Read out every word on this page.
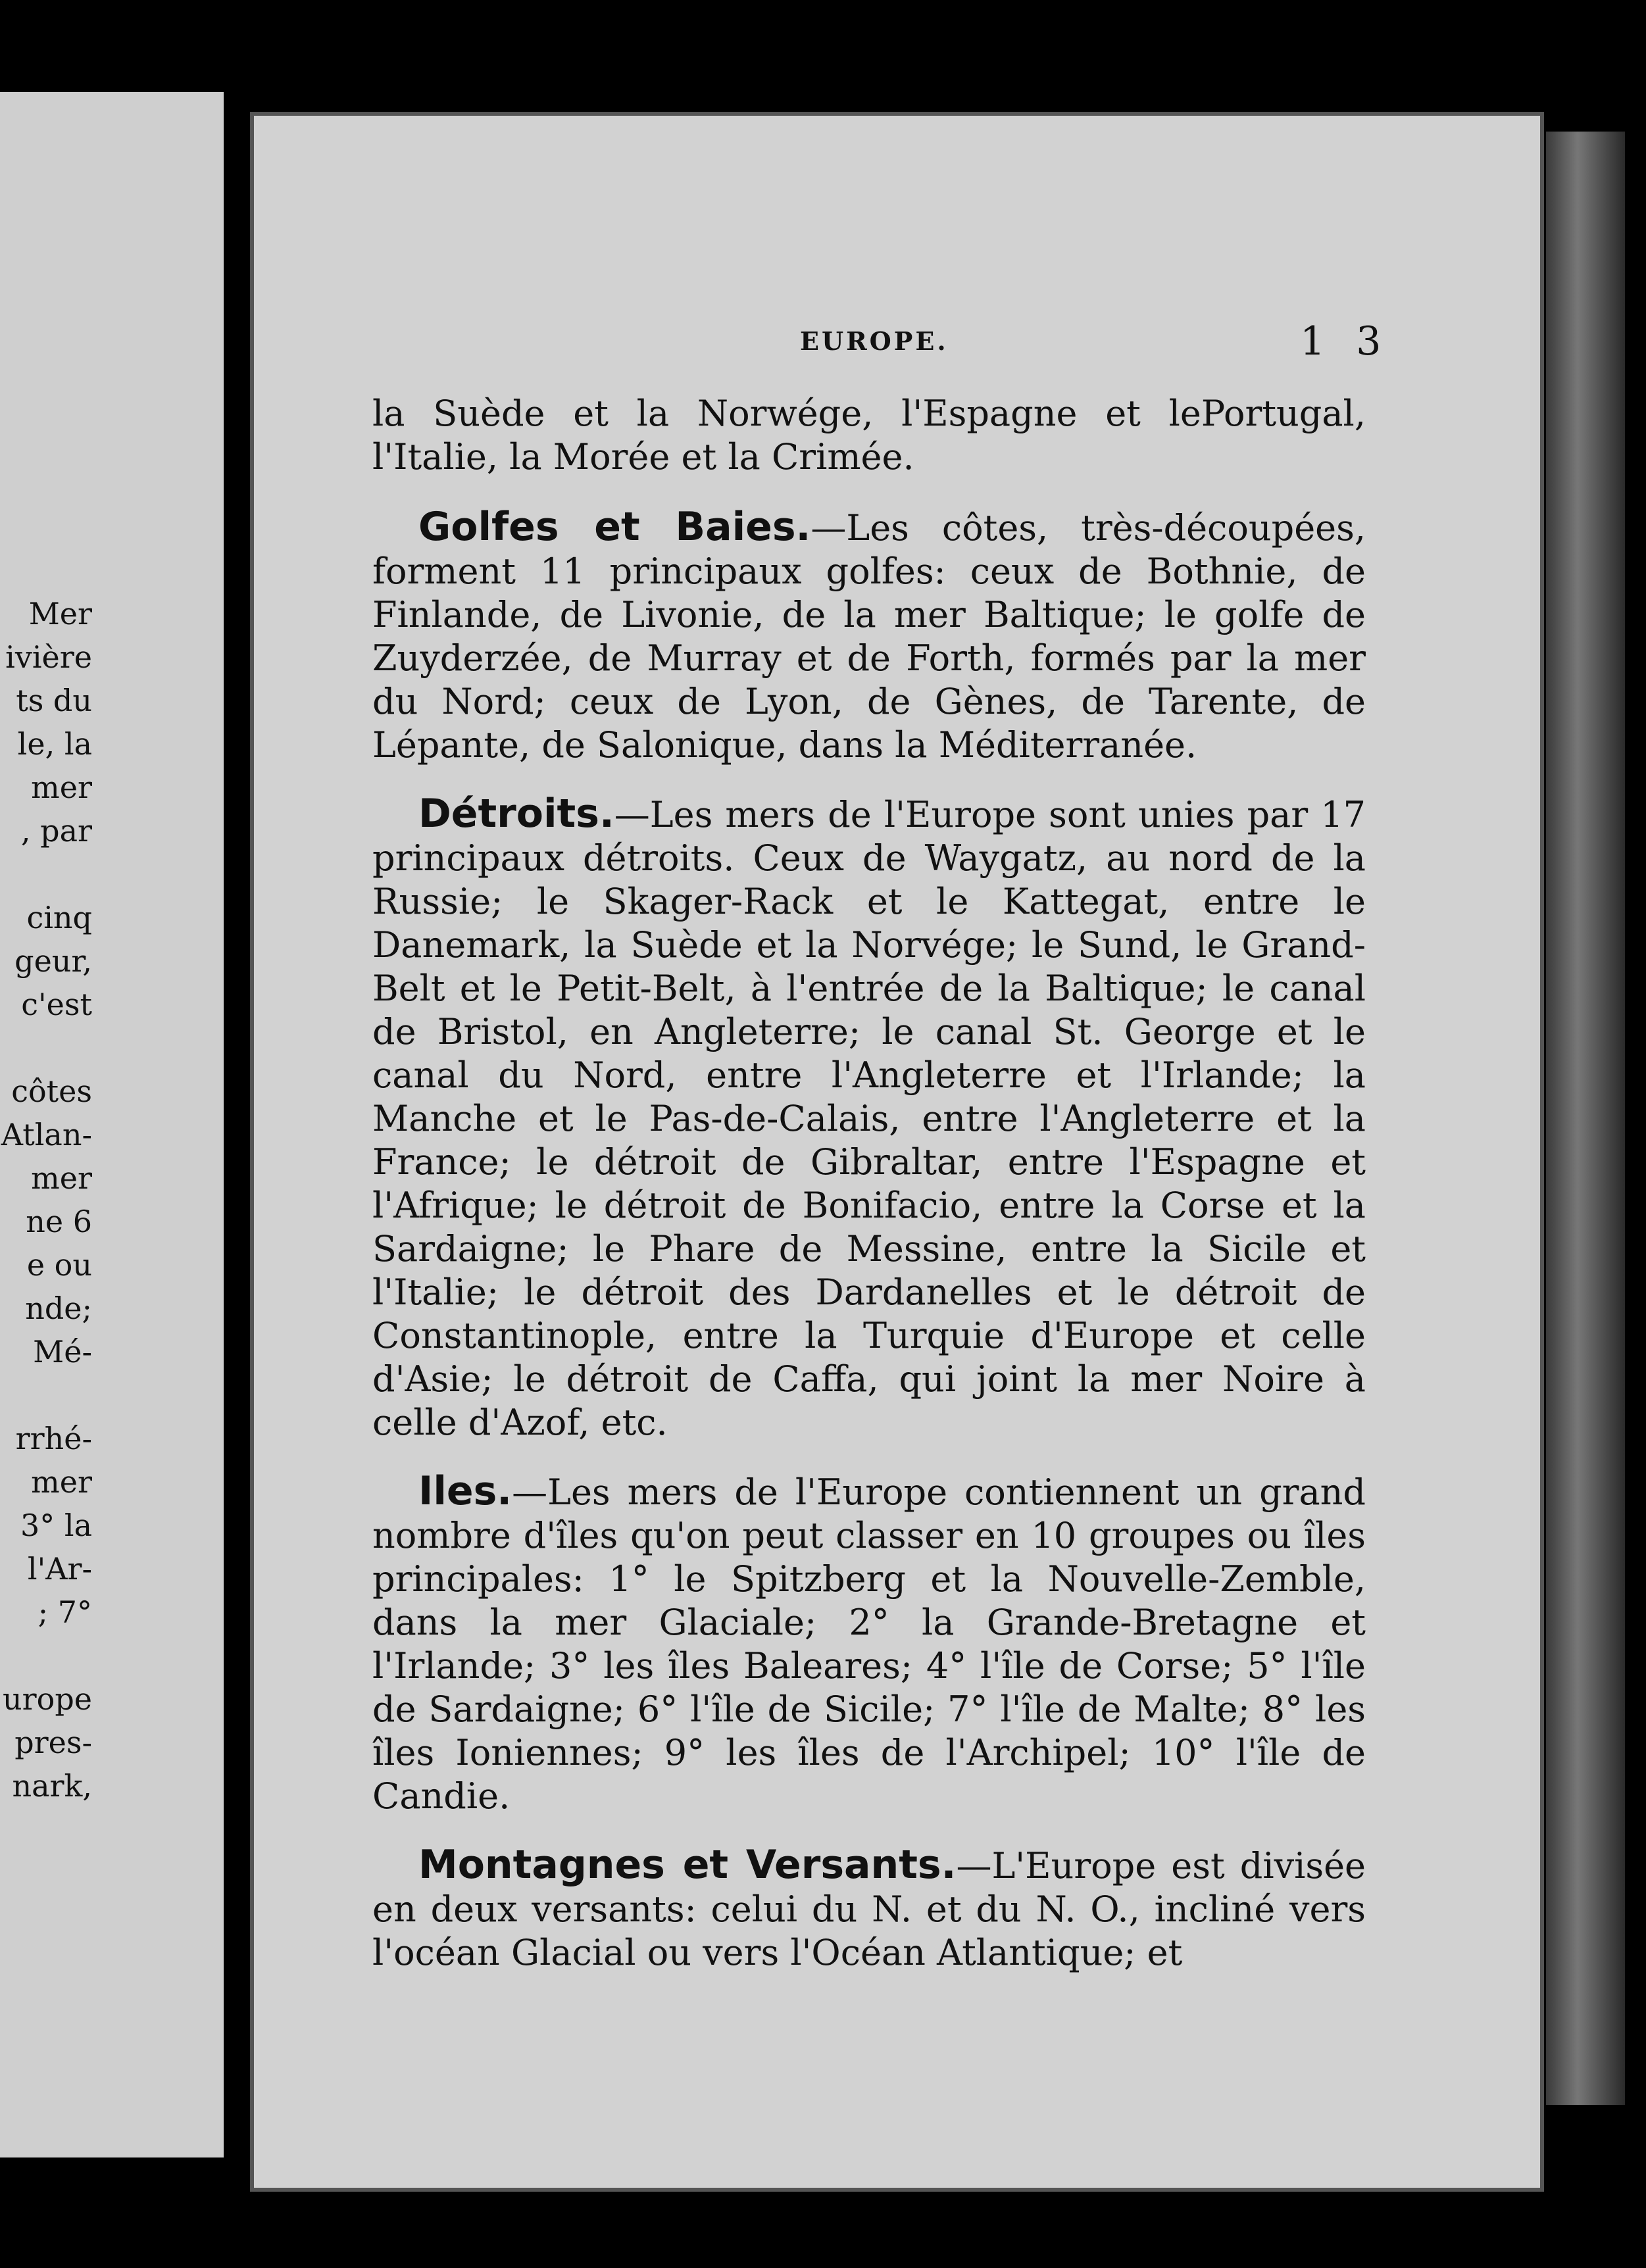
Mer
ivière
ts du
le, la
mer
, par
cinq
geur,
c'est
côtes
Atlan-
mer
ne 6
e ou
nde;
Mé-
rrhé-
mer
3° la
l'Ar-
; 7°
urope
pres-
nark,
EUROPE.	1 3

la Suède et la Norwége, l'Espagne et lePortugal, l'Italie, la Morée et la Crimée.

Golfes et Baies.—Les côtes, très-découpées, forment 11 principaux golfes: ceux de Bothnie, de Finlande, de Livonie, de la mer Baltique; le golfe de Zuyderzée, de Murray et de Forth, formés par la mer du Nord; ceux de Lyon, de Gènes, de Tarente, de Lépante, de Salonique, dans la Méditerranée.

Détroits.—Les mers de l'Europe sont unies par 17 principaux détroits. Ceux de Waygatz, au nord de la Russie; le Skager-Rack et le Kattegat, entre le Danemark, la Suède et la Norvége; le Sund, le Grand-Belt et le Petit-Belt, à l'entrée de la Baltique; le canal de Bristol, en Angleterre; le canal St. George et le canal du Nord, entre l'Angleterre et l'Irlande; la Manche et le Pas-de-Calais, entre l'Angleterre et la France; le détroit de Gibraltar, entre l'Espagne et l'Afrique; le détroit de Bonifacio, entre la Corse et la Sardaigne; le Phare de Messine, entre la Sicile et l'Italie; le détroit des Dardanelles et le détroit de Constantinople, entre la Turquie d'Europe et celle d'Asie; le détroit de Caffa, qui joint la mer Noire à celle d'Azof, etc.

Iles.—Les mers de l'Europe contiennent un grand nombre d'îles qu'on peut classer en 10 groupes ou îles principales: 1° le Spitzberg et la Nouvelle-Zemble, dans la mer Glaciale; 2° la Grande-Bretagne et l'Irlande; 3° les îles Baleares; 4° l'île de Corse; 5° l'île de Sardaigne; 6° l'île de Sicile; 7° l'île de Malte; 8° les îles Ioniennes; 9° les îles de l'Archipel; 10° l'île de Candie.

Montagnes et Versants.—L'Europe est divisée en deux versants: celui du N. et du N. O., incliné vers l'océan Glacial ou vers l'Océan Atlantique; et
